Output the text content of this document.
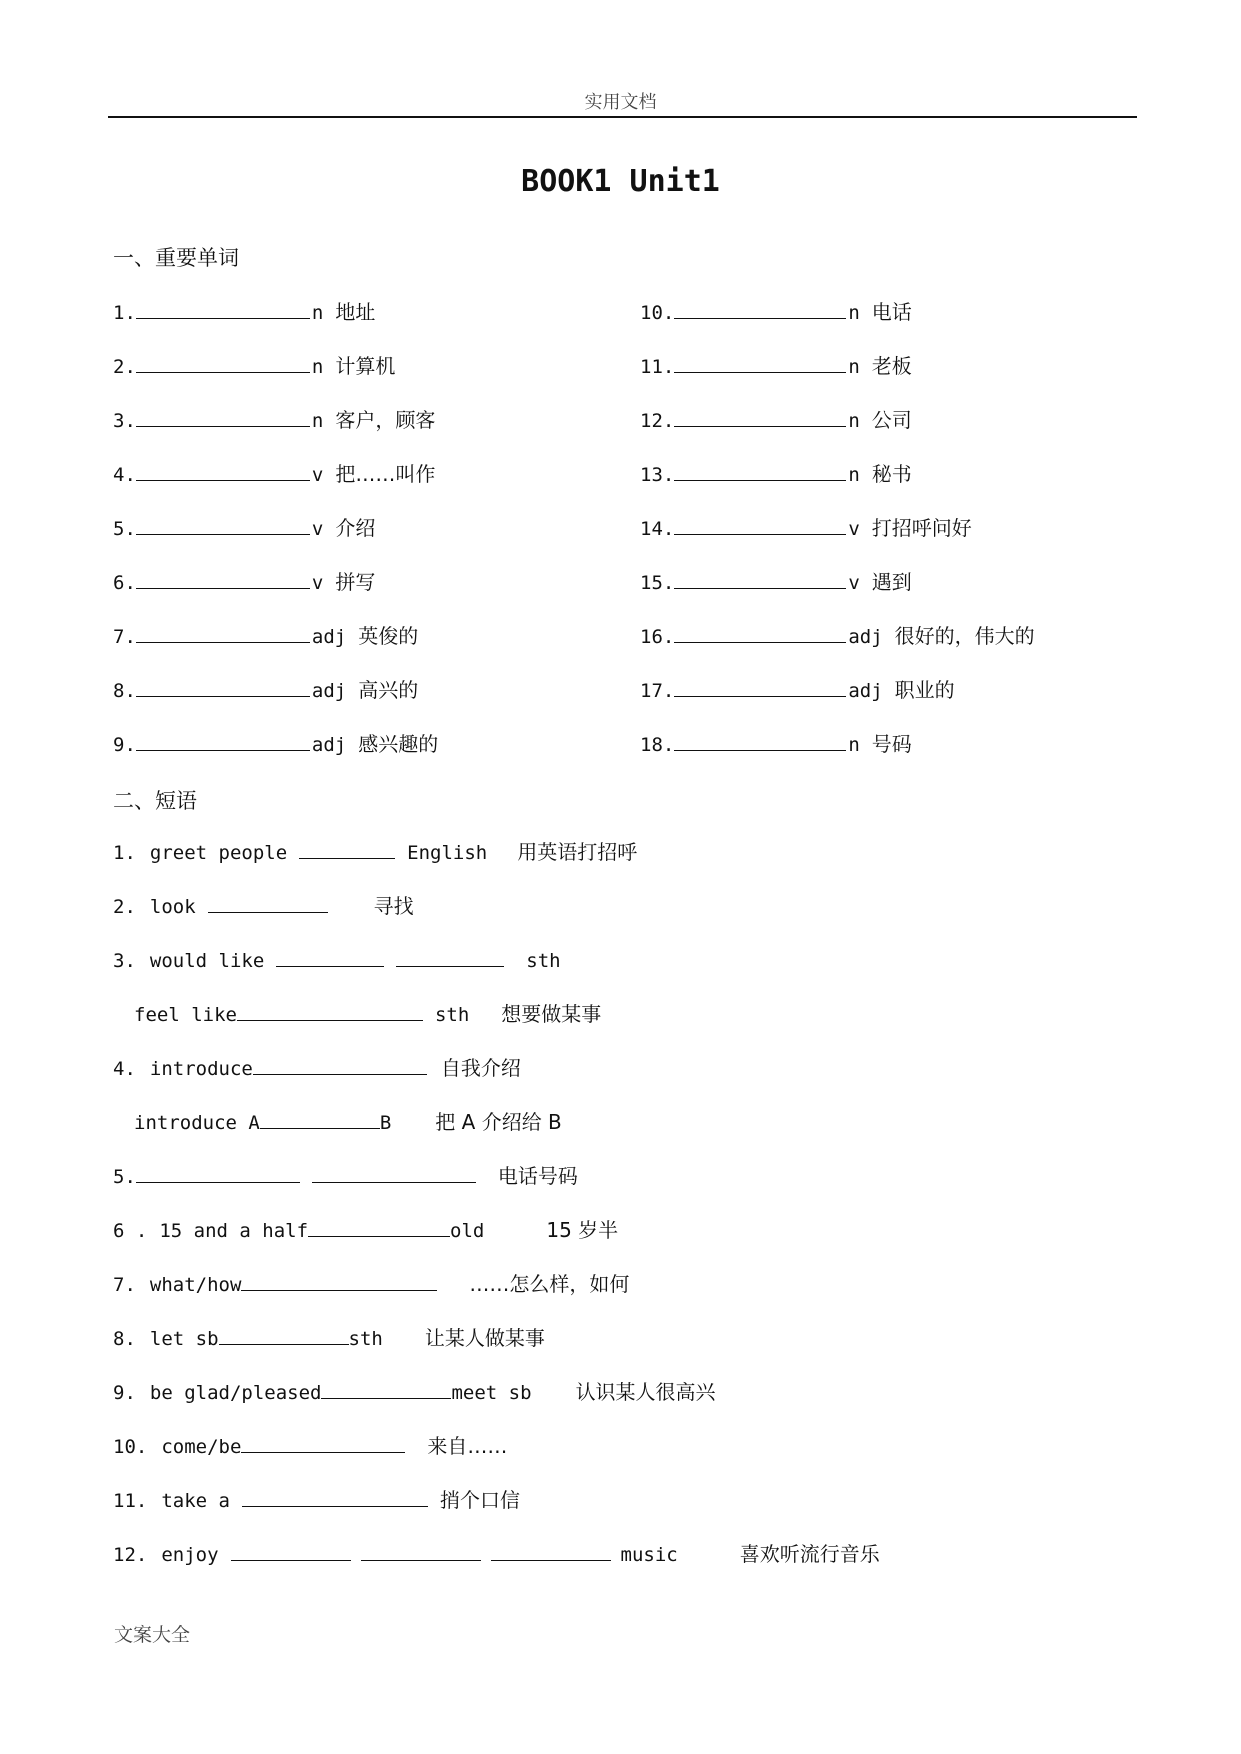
实用文档
BOOK1 Unit1
一、重要单词
1.	n 地址
2.	n 计算机
3.	n 客户，顾客
4.	v 把……叫作
5.	v 介绍
6.	v 拼写
7.	adj 英俊的
8.	adj 高兴的
9.	adj 感兴趣的
10.	n 电话
11.	n 老板
12.	n 公司
13.	n 秘书
14.	v 打招呼问好
15.	v 遇到
16.	adj 很好的，伟大的
17.	adj 职业的
18.	n 号码
二、短语
1. greet people	English 用英语打招呼
2. look	寻找
3. would like	sth
feel like	sth 想要做某事
4. introduce	自我介绍
introduce A	B 把 A 介绍给 B
5.	电话号码
6 . 15 and a half	old	15 岁半
7. what/how	……怎么样，如何
8. let sb	sth 让某人做某事
9. be glad/pleased	meet sb 认识某人很高兴
10. come/be	来自……
11. take a	捎个口信
12. enjoy	music	喜欢听流行音乐
文案大全
